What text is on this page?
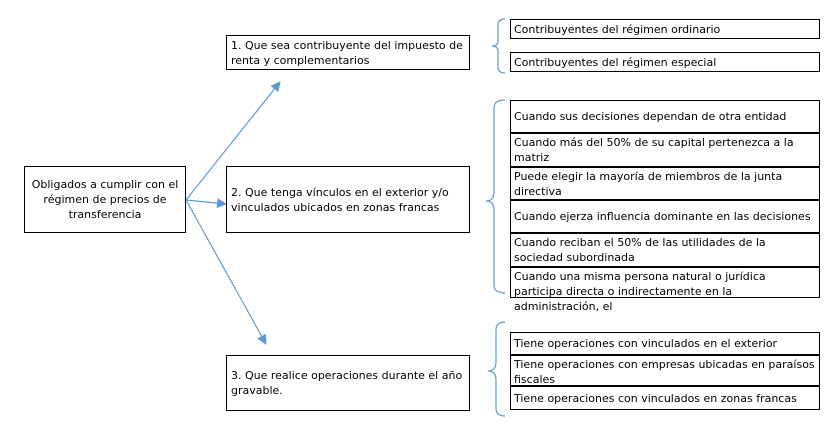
Obligados a cumplir con el régimen de precios de transferencia
1. Que sea contribuyente del impuesto de renta y complementarios
2. Que tenga vínculos en el exterior y/o vinculados ubicados en zonas francas
3. Que realice operaciones durante el año gravable.
Contribuyentes del régimen ordinario
Contribuyentes del régimen especial
Cuando sus decisiones dependan de otra entidad
Cuando más del 50% de su capital pertenezca a la matriz
Puede elegir la mayoría de miembros de la junta directiva
Cuando ejerza influencia dominante en las decisiones
Cuando reciban el 50% de las utilidades de la sociedad subordinada
Cuando una misma persona natural o jurídica participa directa o indirectamente en la administración, el
Tiene operaciones con vinculados en el exterior
Tiene operaciones con empresas ubicadas en paraísos fiscales
Tiene operaciones con vinculados en zonas francas
